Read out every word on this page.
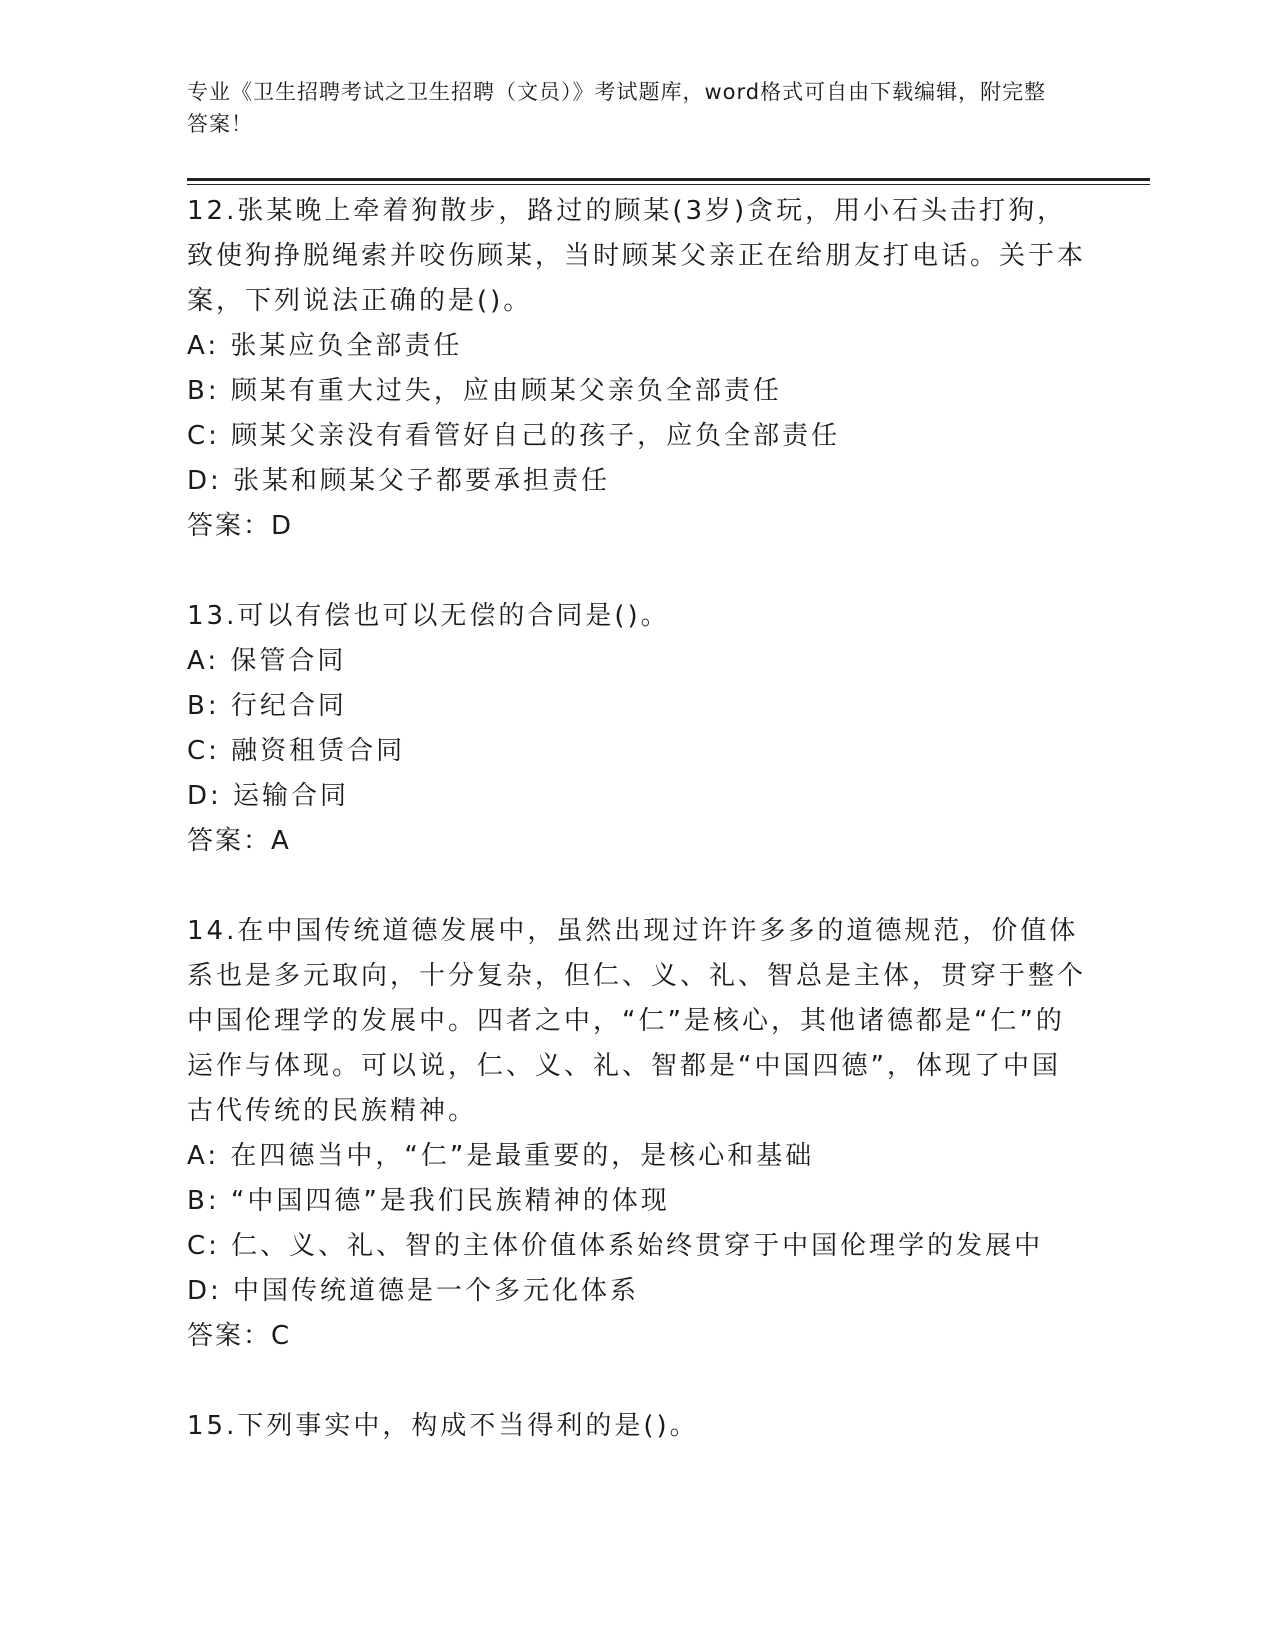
专业《卫生招聘考试之卫生招聘（文员）》考试题库，word格式可自由下载编辑，附完整答案！

12.张某晚上牵着狗散步，路过的顾某(3岁)贪玩，用小石头击打狗，致使狗挣脱绳索并咬伤顾某，当时顾某父亲正在给朋友打电话。关于本案，下列说法正确的是()。

A: 张某应负全部责任

B: 顾某有重大过失，应由顾某父亲负全部责任

C: 顾某父亲没有看管好自己的孩子，应负全部责任

D: 张某和顾某父子都要承担责任

答案：D

13.可以有偿也可以无偿的合同是()。

A: 保管合同

B: 行纪合同

C: 融资租赁合同

D: 运输合同

答案：A

14.在中国传统道德发展中，虽然出现过许许多多的道德规范，价值体系也是多元取向，十分复杂，但仁、义、礼、智总是主体，贯穿于整个中国伦理学的发展中。四者之中，“仁”是核心，其他诸德都是“仁”的运作与体现。可以说，仁、义、礼、智都是“中国四德”，体现了中国古代传统的民族精神。

A: 在四德当中，“仁”是最重要的，是核心和基础

B: “中国四德”是我们民族精神的体现

C: 仁、义、礼、智的主体价值体系始终贯穿于中国伦理学的发展中

D: 中国传统道德是一个多元化体系

答案：C

15.下列事实中，构成不当得利的是()。
